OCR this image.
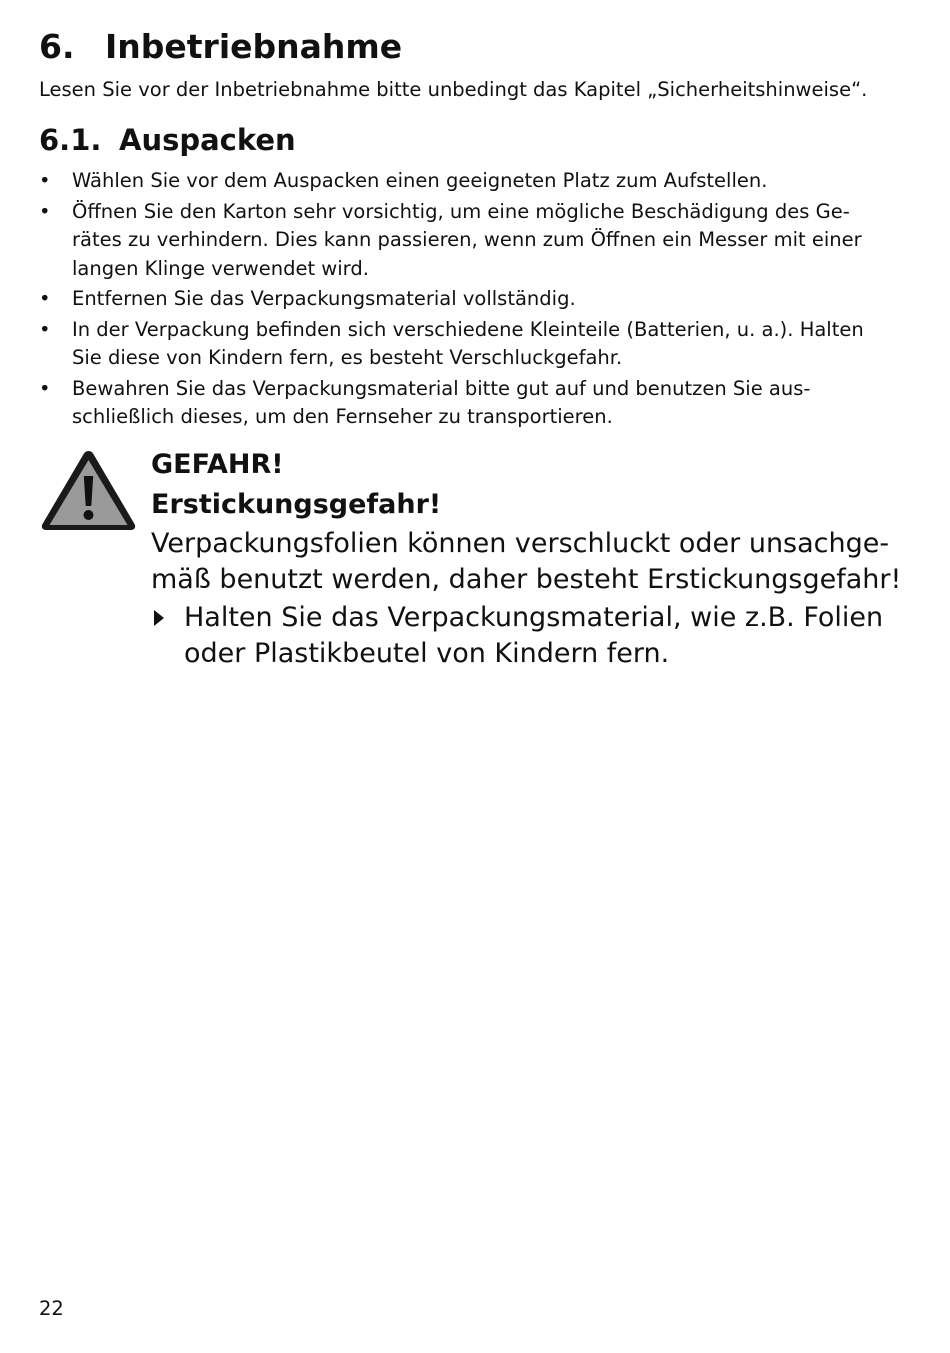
6. Inbetriebnahme
Lesen Sie vor der Inbetriebnahme bitte unbedingt das Kapitel „Sicherheitshinweise“.
6.1. Auspacken
• Wählen Sie vor dem Auspacken einen geeigneten Platz zum Aufstellen.
• Öffnen Sie den Karton sehr vorsichtig, um eine mögliche Beschädigung des Ge-
rätes zu verhindern. Dies kann passieren, wenn zum Öffnen ein Messer mit einer
langen Klinge verwendet wird.
• Entfernen Sie das Verpackungsmaterial vollständig.
• In der Verpackung befinden sich verschiedene Kleinteile (Batterien, u. a.). Halten
Sie diese von Kindern fern, es besteht Verschluckgefahr.
• Bewahren Sie das Verpackungsmaterial bitte gut auf und benutzen Sie aus-
schließlich dieses, um den Fernseher zu transportieren.
GEFAHR!
Erstickungsgefahr!
Verpackungsfolien können verschluckt oder unsachge-
mäß benutzt werden, daher besteht Erstickungsgefahr!
Halten Sie das Verpackungsmaterial, wie z.B. Folien
oder Plastikbeutel von Kindern fern.
22
